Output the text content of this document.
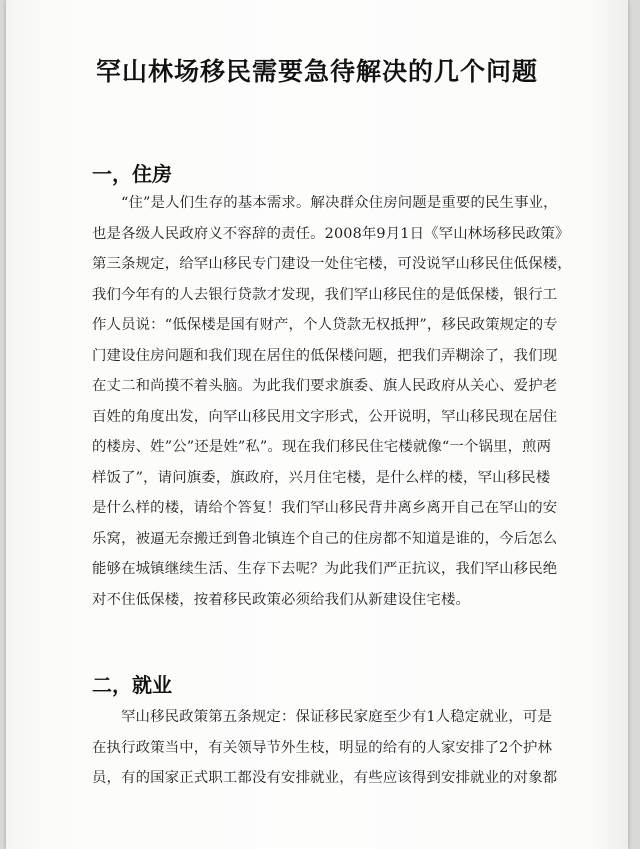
罕山林场移民需要急待解决的几个问题
一，住房
“住”是人们生存的基本需求。解决群众住房问题是重要的民生事业，
也是各级人民政府义不容辞的责任。2008年9月1日《罕山林场移民政策》
第三条规定，给罕山移民专门建设一处住宅楼，可没说罕山移民住低保楼，
我们今年有的人去银行贷款才发现，我们罕山移民住的是低保楼，银行工
作人员说：“低保楼是国有财产，个人贷款无权抵押”，移民政策规定的专
门建设住房问题和我们现在居住的低保楼问题，把我们弄糊涂了，我们现
在丈二和尚摸不着头脑。为此我们要求旗委、旗人民政府从关心、爱护老
百姓的角度出发，向罕山移民用文字形式，公开说明，罕山移民现在居住
的楼房、姓”公”还是姓”私”。现在我们移民住宅楼就像“一个锅里，煎两
样饭了”，请问旗委，旗政府，兴月住宅楼，是什么样的楼，罕山移民楼
是什么样的楼，请给个答复！我们罕山移民背井离乡离开自己在罕山的安
乐窝，被逼无奈搬迁到鲁北镇连个自己的住房都不知道是谁的，今后怎么
能够在城镇继续生活、生存下去呢？为此我们严正抗议，我们罕山移民绝
对不住低保楼，按着移民政策必须给我们从新建设住宅楼。
二，就业
罕山移民政策第五条规定：保证移民家庭至少有1人稳定就业，可是
在执行政策当中，有关领导节外生枝，明显的给有的人家安排了2个护林
员，有的国家正式职工都没有安排就业，有些应该得到安排就业的对象都
